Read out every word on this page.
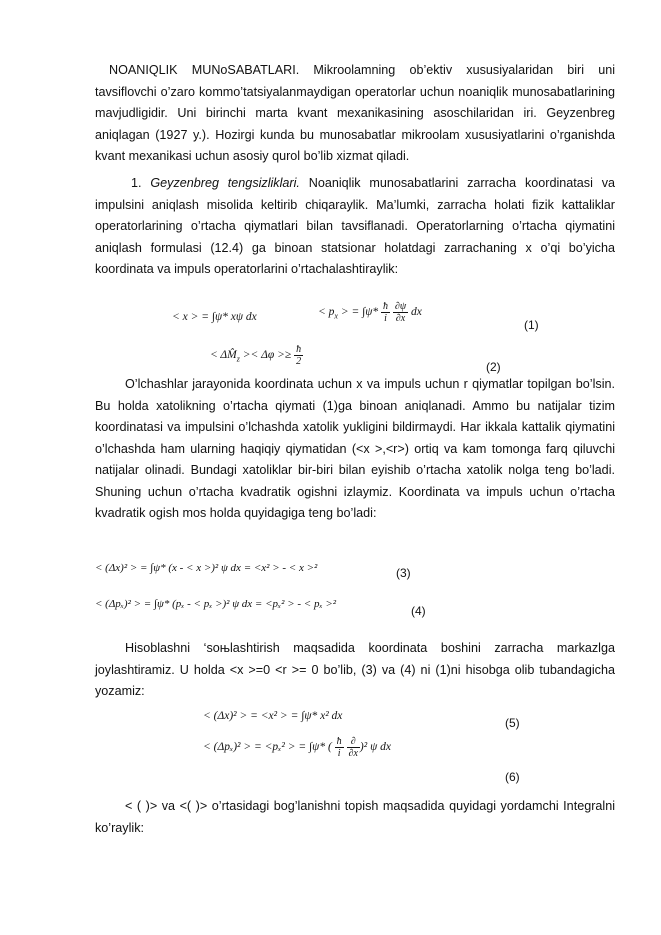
NOANIQLIK MUNoSABATLARI. Mikroolamning ob’ektiv xususiyalaridan biri uni tavsiflovchi o’zaro kommo’tatsiyalanmaydigan operatorlar uchun noaniqlik munosabatlarining mavjudligidir. Uni birinchi marta kvant mexanikasining asoschilaridan iri. Geyzenbreg aniqlagan (1927 y.). Hozirgi kunda bu munosabatlar mikroolam xususiyatlarini o’rganishda kvant mexanikasi uchun asosiy qurol bo’lib xizmat qiladi.

1. Geyzenbreg tengsizliklari. Noaniqlik munosabatlarini zarracha koordinatasi va impulsini aniqlash misolida keltirib chiqaraylik. Ma’lumki, zarracha holati fizik kattaliklar operatorlarining o’rtacha qiymatlari bilan tavsiflanadi. Operatorlarning o’rtacha qiymatini aniqlash formulasi (12.4) ga binoan statsionar holatdagi zarrachaning x o’qi bo’yicha koordinata va impuls operatorlarini o’rtachalashtiraylik:

< x > = ∫ψ* xψ dx	< $p_x$ > = $\int\psi* \frac{ħ}{i}$
$\frac{\partial\psi}{\partial x}$ dx
(1)
< $\Delta M̂_z >< \Delta\varphi >\ge \frac{ħ}{2}$	(2)

O’lchashlar jarayonida koordinata uchun x va impuls uchun r qiymatlar topilgan bo’lsin. Bu holda xatolikning o’rtacha qiymati (1)ga binoan aniqlanadi. Ammo bu natijalar tizim koordinatasi va impulsini o’lchashda xatolik yukligini bildirmaydi. Har ikkala kattalik qiymatini o’lchashda ham ularning haqiqiy qiymatidan (<x >,<r>) ortiq va kam tomonga farq qiluvchi natijalar olinadi. Bundagi xatoliklar bir-biri bilan eyishib o’rtacha xatolik nolga teng bo’ladi. Shuning uchun o’rtacha kvadratik ogishni izlaymiz. Koordinata va impuls uchun o’rtacha kvadratik ogish mos holda quyidagiga teng bo’ladi:

< (Δx)² > = ∫ψ* (x - < x >)² ψ dx = <x² > - < x >²	(3)
< (Δpₓ)² > = ∫ψ* (pₓ - < pₓ >)² ψ dx = <pₓ² > - < pₓ >²	(4)

Hisoblashni ‘soњlashtirish maqsadida koordinata boshini zarracha markazlga joylashtiramiz. U holda <x >=0 <r >= 0 bo’lib, (3) va (4) ni (1)ni hisobga olib tubandagicha yozamiz:

< (Δx)² > = <x² > = ∫ψ* x² dx	(5)
< (Δpₓ)² > = <pₓ² > = ∫ψ* ( $\frac{ħ}{i}$
$\frac{\partial}{\partial x} )^2$ ψ dx
(6)

< ( )> va <( )> o’rtasidagi bog’lanishni topish maqsadida quyidagi yordamchi Integralni ko’raylik:
